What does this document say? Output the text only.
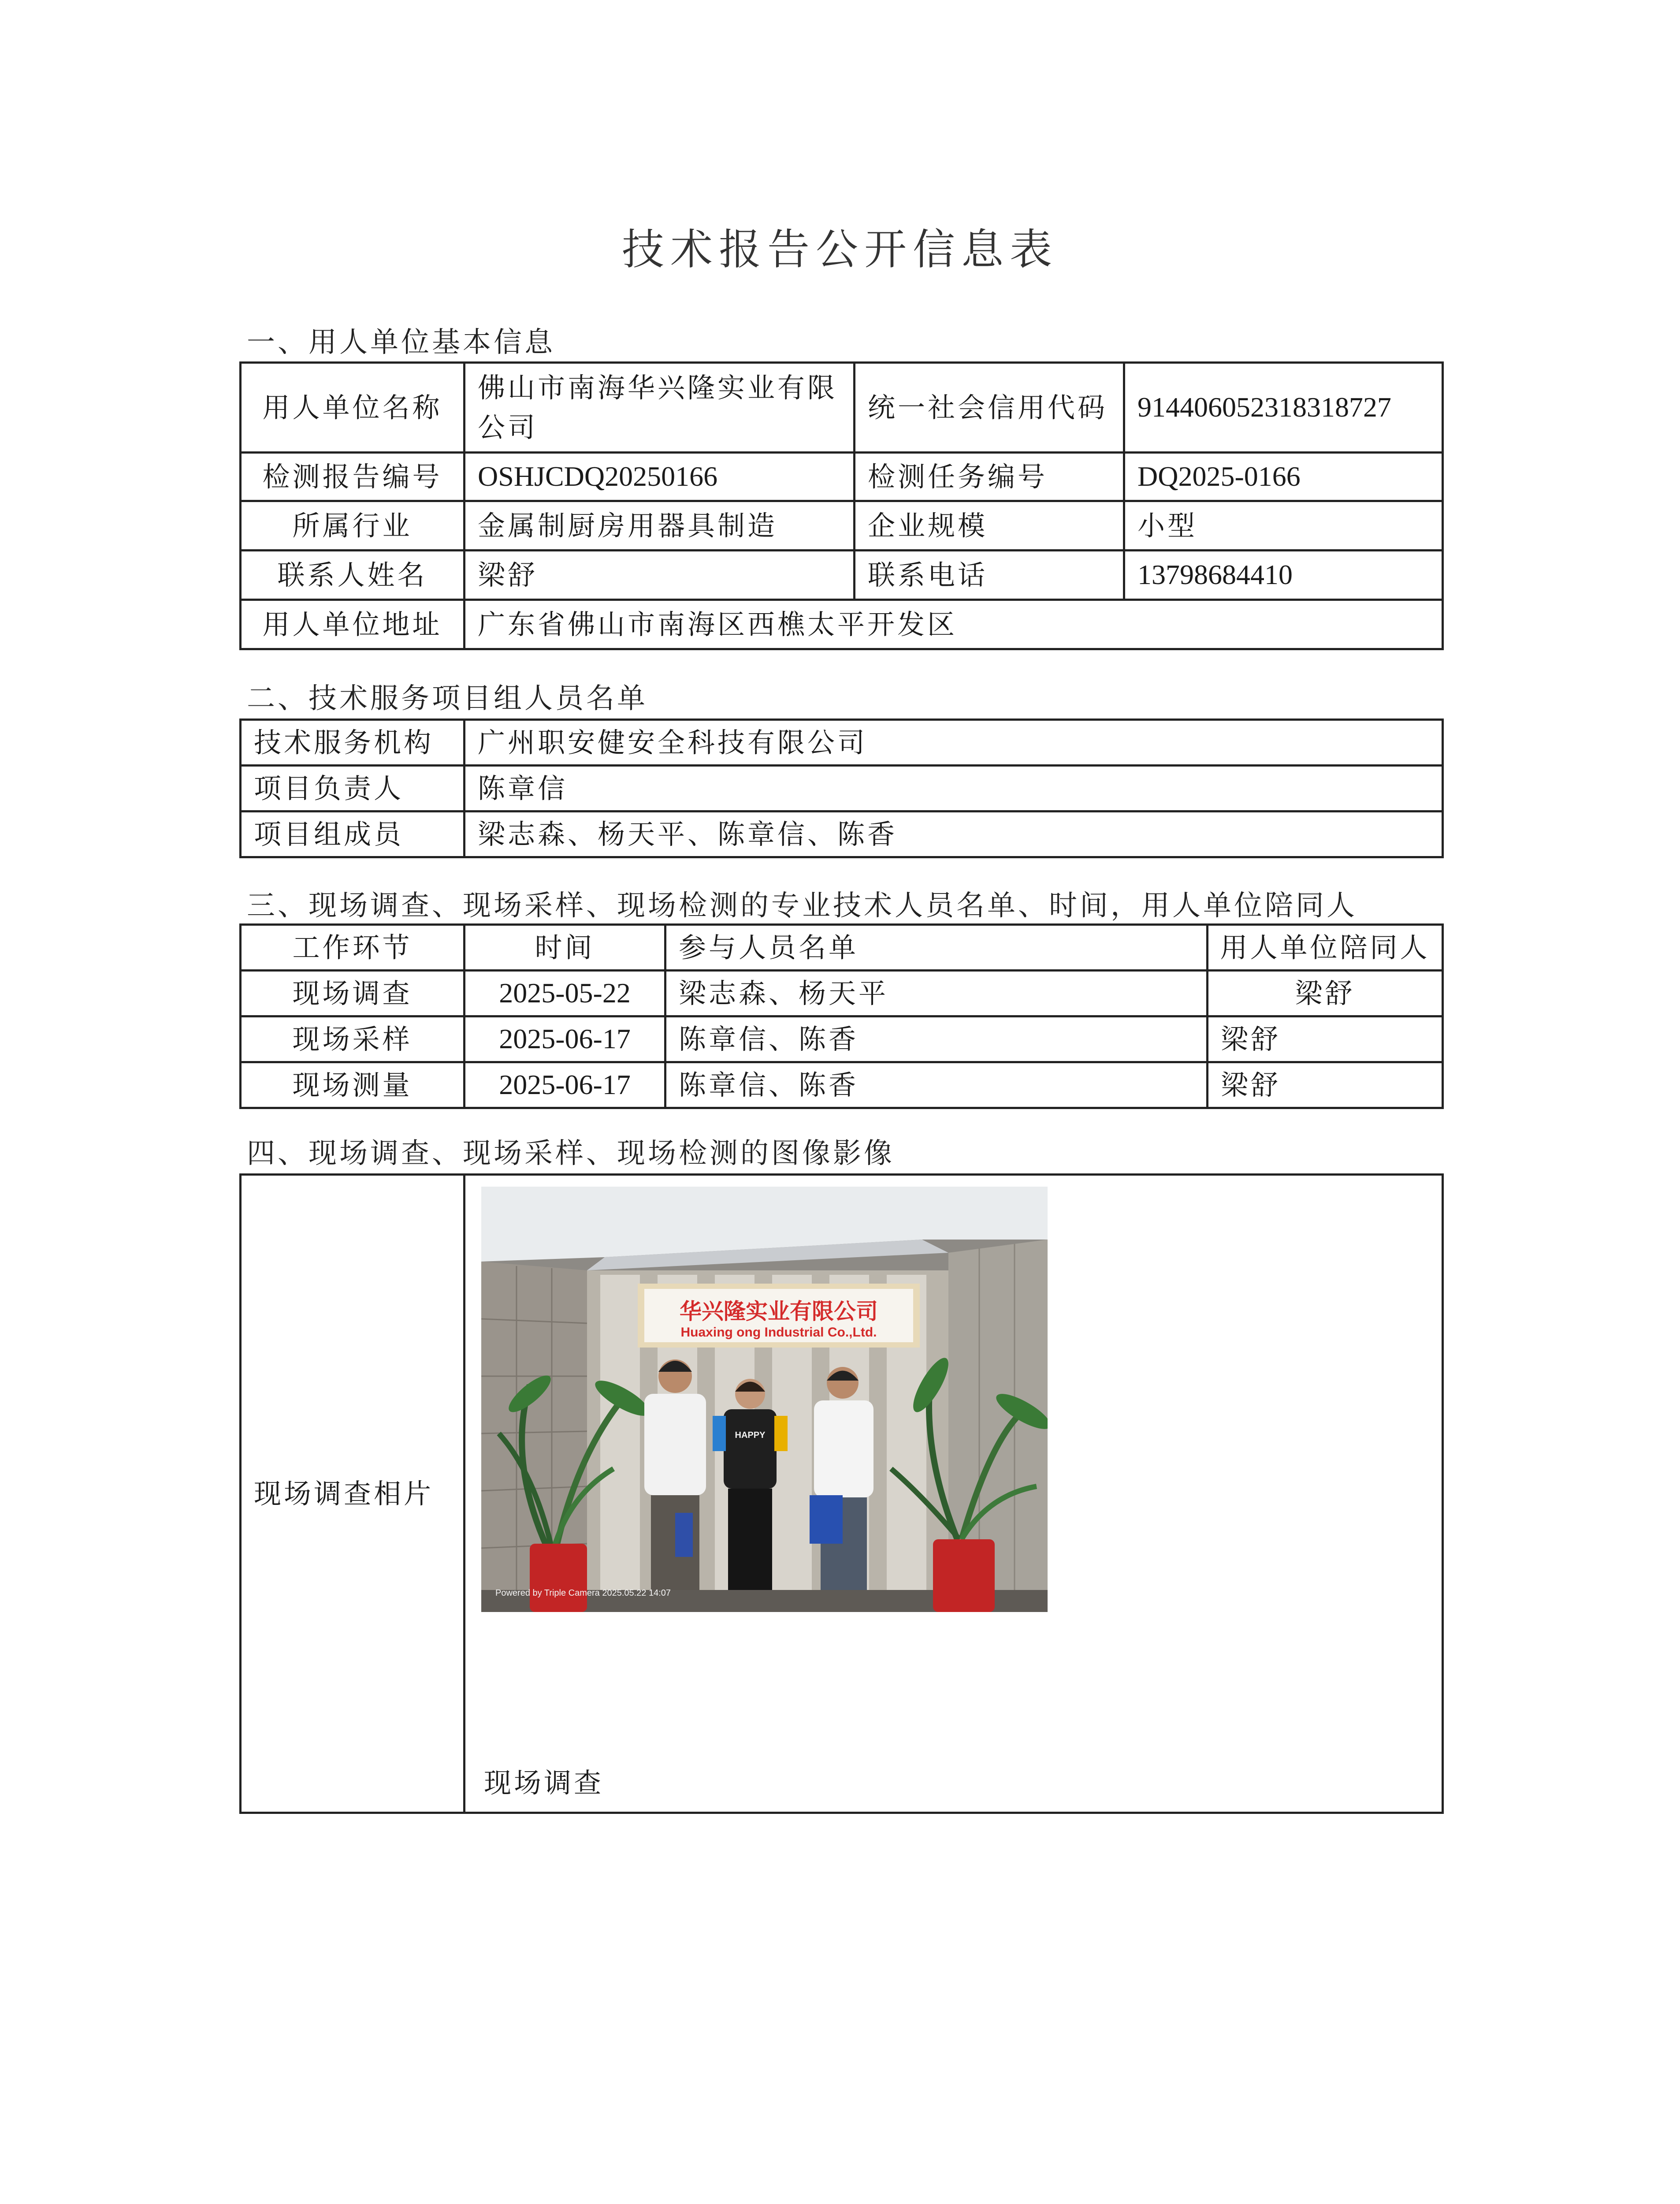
技术报告公开信息表
一、用人单位基本信息
用人单位名称	佛山市南海华兴隆实业有限公司	统一社会信用代码	914406052318318727
检测报告编号	OSHJCDQ20250166	检测任务编号	DQ2025-0166
所属行业	金属制厨房用器具制造	企业规模	小型
联系人姓名	梁舒	联系电话	13798684410
用人单位地址	广东省佛山市南海区西樵太平开发区		
二、技术服务项目组人员名单
技术服务机构	广州职安健安全科技有限公司
项目负责人	陈章信
项目组成员	梁志森、杨天平、陈章信、陈香
三、现场调查、现场采样、现场检测的专业技术人员名单、时间，用人单位陪同人
工作环节	时间	参与人员名单	用人单位陪同人
现场调查	2025-05-22	梁志森、杨天平	梁舒
现场采样	2025-06-17	陈章信、陈香	梁舒
现场测量	2025-06-17	陈章信、陈香	梁舒
四、现场调查、现场采样、现场检测的图像影像
现场调查相片	
华兴隆实业有限公司
Huaxing ong Industrial Co.,Ltd.
HAPPY
Powered by Triple Camera 2025.05.22 14:07
现场调查
